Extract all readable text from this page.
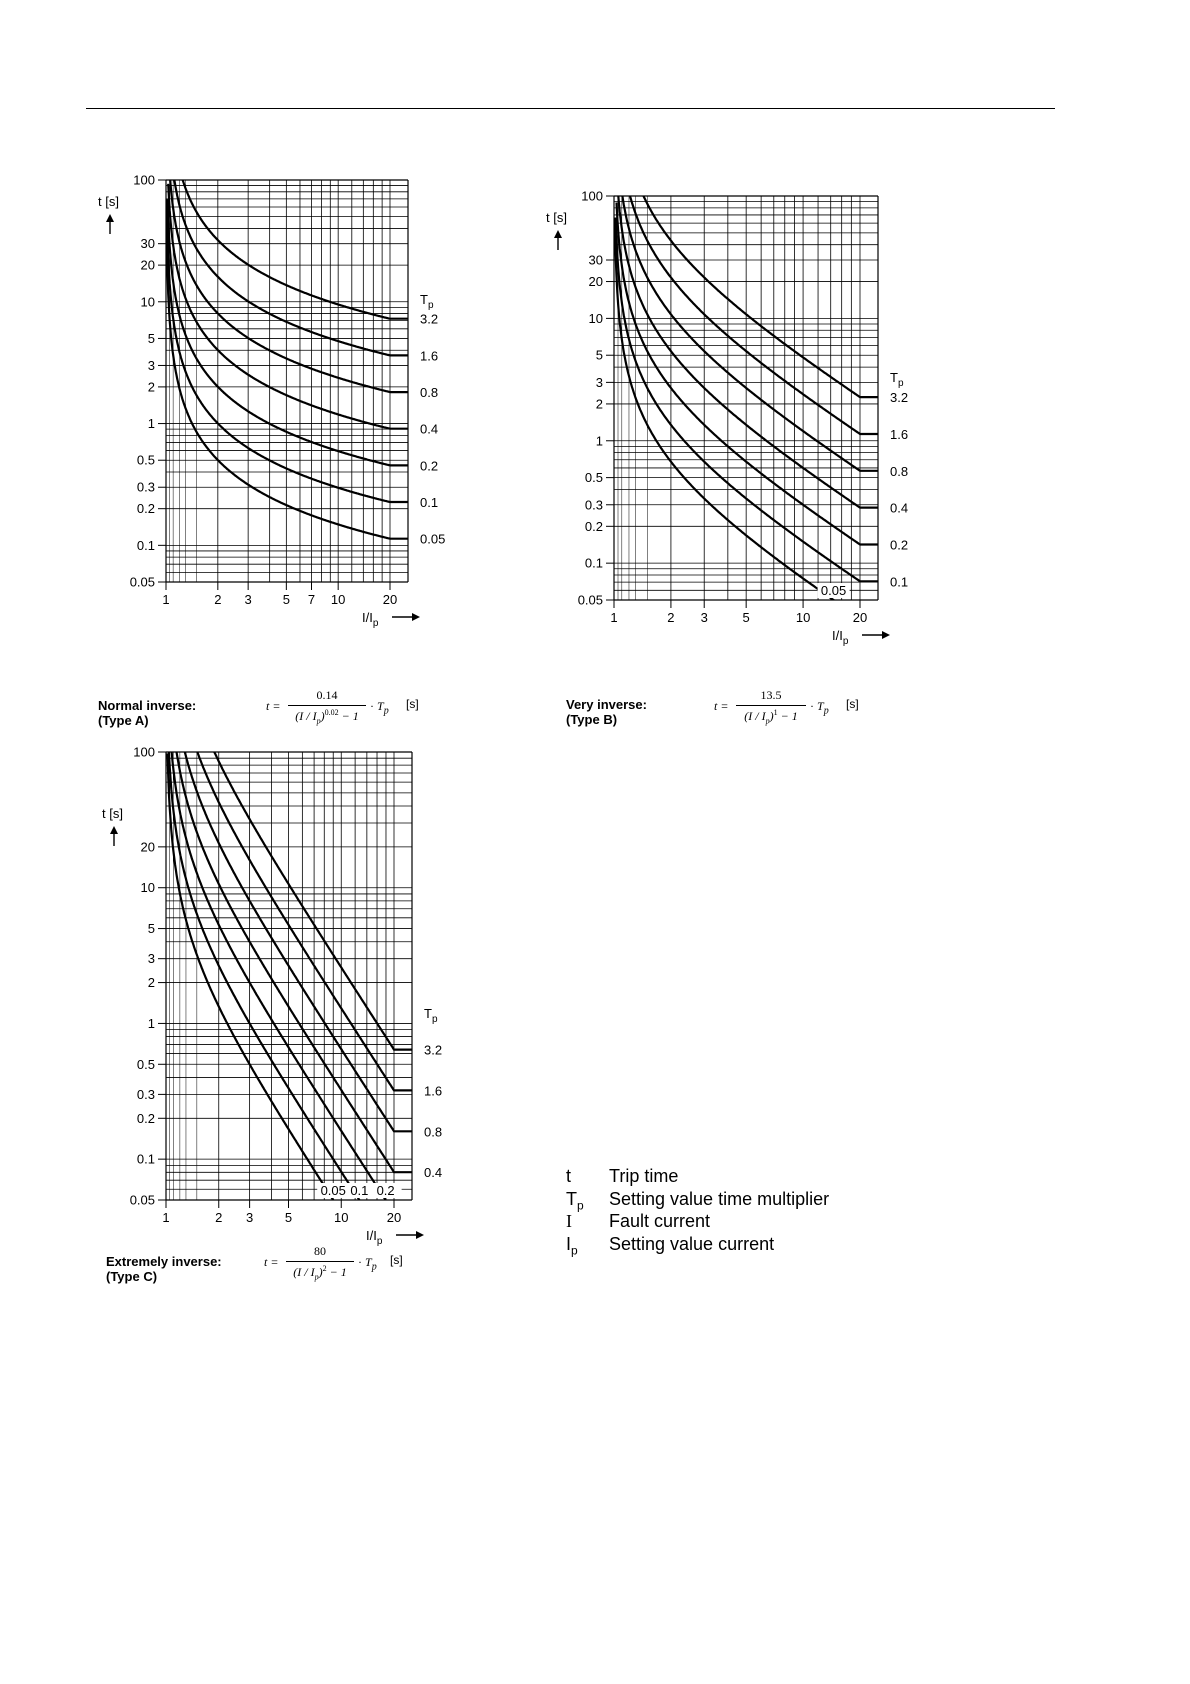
100
30
20
10
5
3
2
1
0.5
0.3
0.2
0.1
0.05
1	2 3 5 7 10	20
t [s]
$I/I_p$
$T_p$
3.2
1.6
0.8
0.4
0.2
0.1
0.05
Normal inverse:
(Type A)
t =
0.14
$(I / I_p)^{0.02} - 1$
· $T_p$ [s]
100
30
20
10
5
3
2
1
0.5
0.3
0.2
0.1
0.05
1	2 3	5	10	20
t [s]
$I/I_p$
$T_p$
3.2
1.6
0.8
0.4
0.2
0.1
0.05
Very inverse:
(Type B)
t =
13.5
$(I / I_p)^1 - 1$
· $T_p$ [s]
100
20
10
5
3
2
1
0.5
0.3
0.2
0.1
0.05
1	2 3 5	10	20
t [s]
$I/I_p$
$T_p$
3.2
1.6
0.8
0.4
0.2
0.1
0.05
Extremely inverse:
(Type C)
t =
80
$(I / I_p)^2 - 1$
· $T_p$ [s]
t	Trip time
$T_p$	Setting value time multiplier
I	Fault current
$I_p$	Setting value current
